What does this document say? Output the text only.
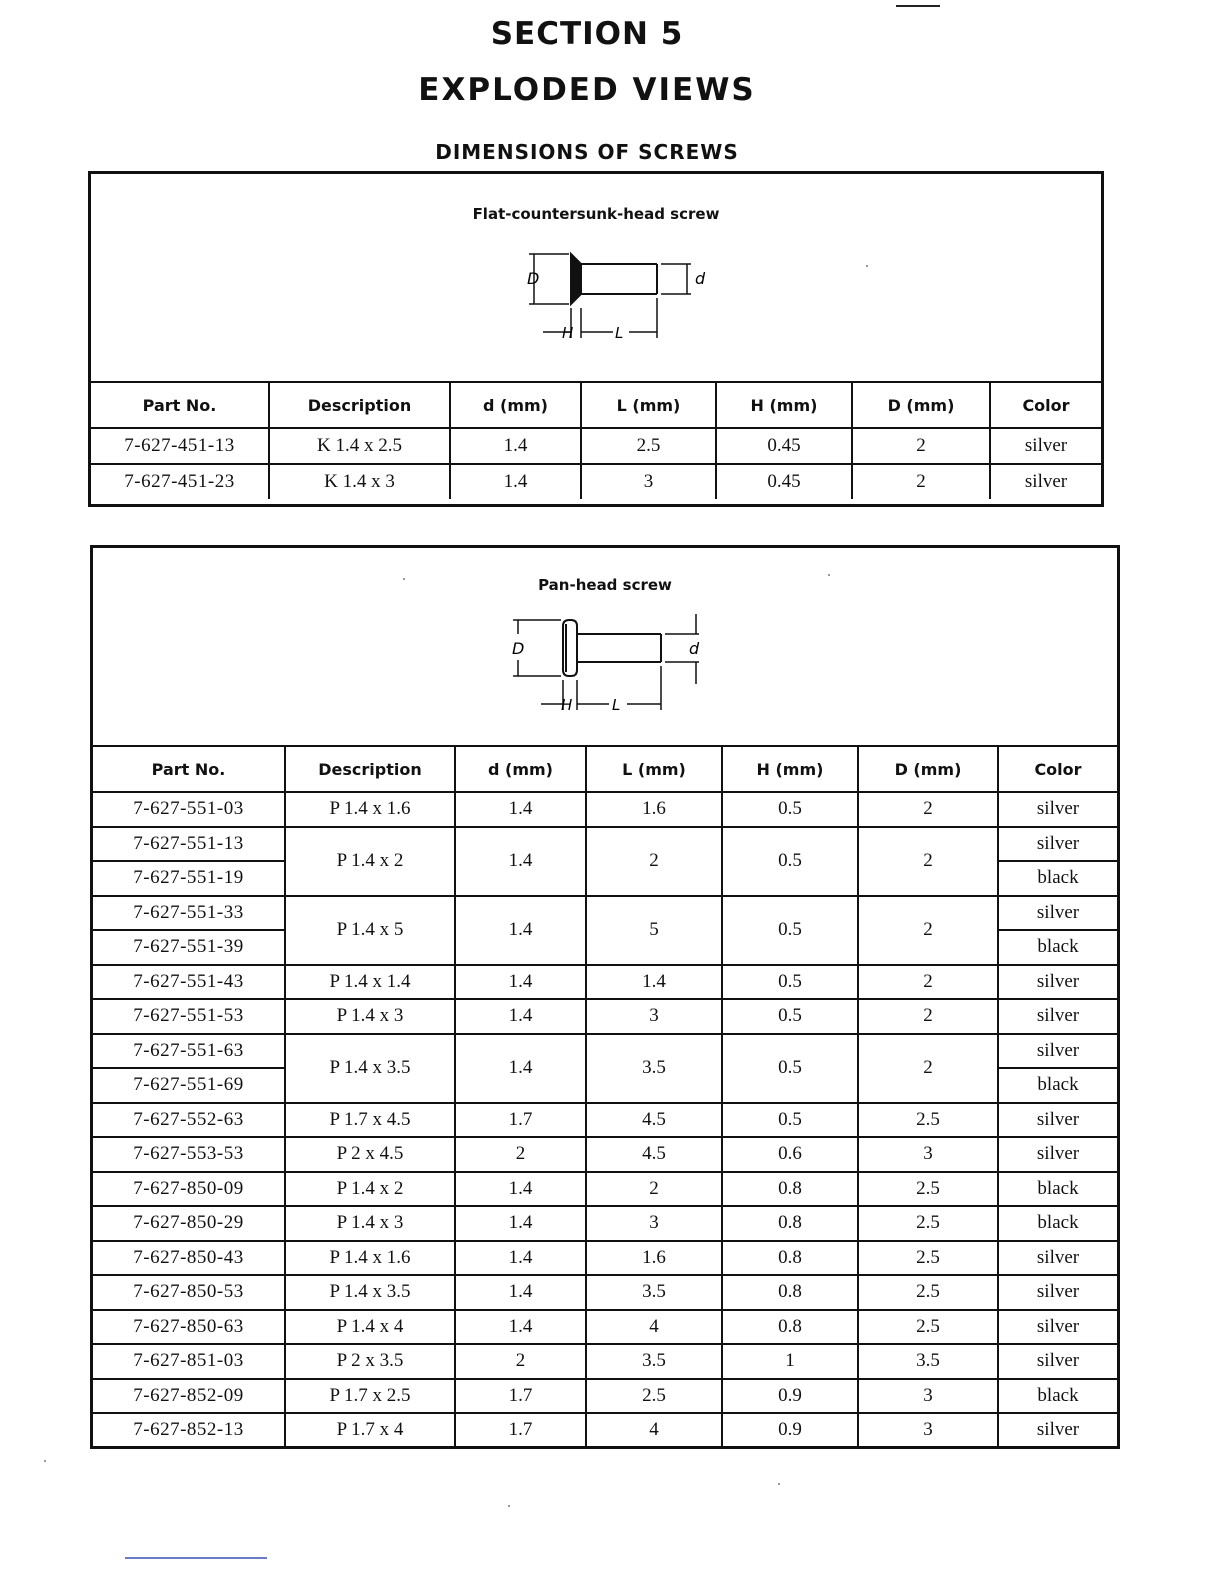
SECTION 5
EXPLODED VIEWS
DIMENSIONS OF SCREWS
Flat-countersunk-head screw
D	d
H	L
Part No.	Description	d (mm)	L (mm)	H (mm)	D (mm)	Color
7-627-451-13	K 1.4 x 2.5	1.4	2.5	0.45	2	silver
7-627-451-23	K 1.4 x 3	1.4	3	0.45	2	silver
Pan-head screw
D	d
H	L
Part No.	Description	d (mm)	L (mm)	H (mm)	D (mm)	Color
7-627-551-03	P 1.4 x 1.6	1.4	1.6	0.5	2	silver
7-627-551-13	P 1.4 x 2	1.4	2	0.5	2	silver
7-627-551-19						black
7-627-551-33	P 1.4 x 5	1.4	5	0.5	2	silver
7-627-551-39						black
7-627-551-43	P 1.4 x 1.4	1.4	1.4	0.5	2	silver
7-627-551-53	P 1.4 x 3	1.4	3	0.5	2	silver
7-627-551-63	P 1.4 x 3.5	1.4	3.5	0.5	2	silver
7-627-551-69						black
7-627-552-63	P 1.7 x 4.5	1.7	4.5	0.5	2.5	silver
7-627-553-53	P 2 x 4.5	2	4.5	0.6	3	silver
7-627-850-09	P 1.4 x 2	1.4	2	0.8	2.5	black
7-627-850-29	P 1.4 x 3	1.4	3	0.8	2.5	black
7-627-850-43	P 1.4 x 1.6	1.4	1.6	0.8	2.5	silver
7-627-850-53	P 1.4 x 3.5	1.4	3.5	0.8	2.5	silver
7-627-850-63	P 1.4 x 4	1.4	4	0.8	2.5	silver
7-627-851-03	P 2 x 3.5	2	3.5	1	3.5	silver
7-627-852-09	P 1.7 x 2.5	1.7	2.5	0.9	3	black
7-627-852-13	P 1.7 x 4	1.7	4	0.9	3	silver
